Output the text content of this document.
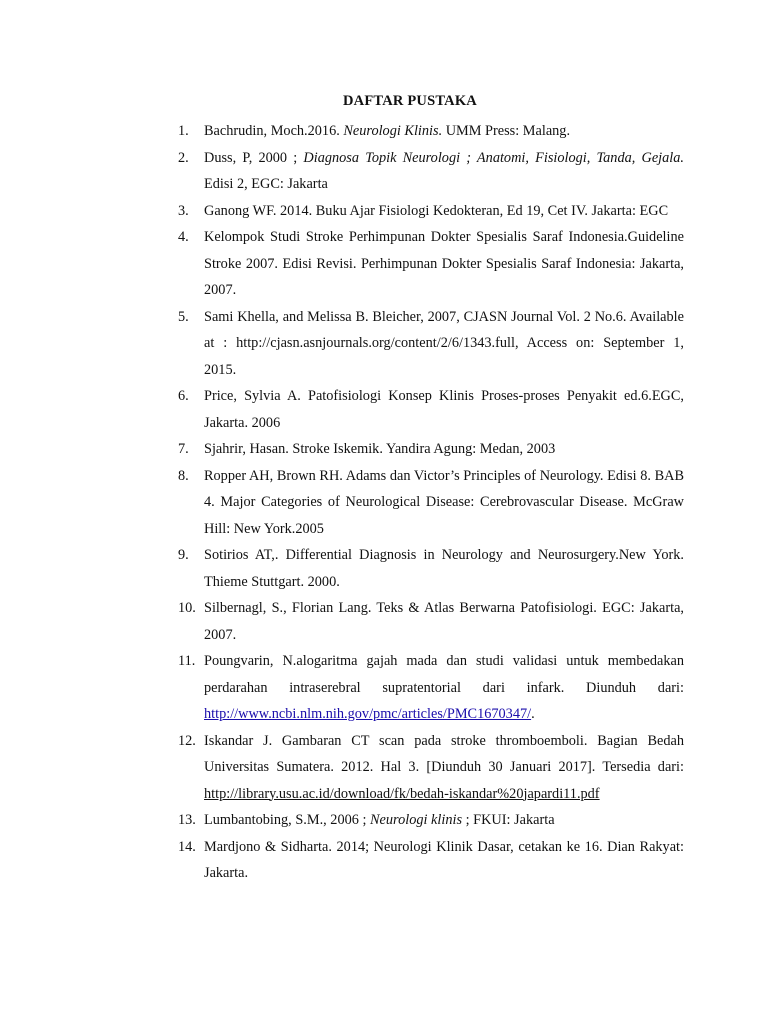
DAFTAR PUSTAKA
1. Bachrudin, Moch.2016. Neurologi Klinis. UMM Press: Malang.
2. Duss, P, 2000 ; Diagnosa Topik Neurologi ; Anatomi, Fisiologi, Tanda, Gejala. Edisi 2, EGC: Jakarta
3. Ganong WF. 2014. Buku Ajar Fisiologi Kedokteran, Ed 19, Cet IV. Jakarta: EGC
4. Kelompok Studi Stroke Perhimpunan Dokter Spesialis Saraf Indonesia.Guideline Stroke 2007. Edisi Revisi. Perhimpunan Dokter Spesialis Saraf Indonesia: Jakarta, 2007.
5. Sami Khella, and Melissa B. Bleicher, 2007, CJASN Journal Vol. 2 No.6. Available at : http://cjasn.asnjournals.org/content/2/6/1343.full, Access on: September 1, 2015.
6. Price, Sylvia A. Patofisiologi Konsep Klinis Proses-proses Penyakit ed.6.EGC, Jakarta. 2006
7. Sjahrir, Hasan. Stroke Iskemik. Yandira Agung: Medan, 2003
8. Ropper AH, Brown RH. Adams dan Victor’s Principles of Neurology. Edisi 8. BAB 4. Major Categories of Neurological Disease: Cerebrovascular Disease. McGraw Hill: New York.2005
9. Sotirios AT,. Differential Diagnosis in Neurology and Neurosurgery.New York. Thieme Stuttgart. 2000.
10. Silbernagl, S., Florian Lang. Teks & Atlas Berwarna Patofisiologi. EGC: Jakarta, 2007.
11. Poungvarin, N.alogaritma gajah mada dan studi validasi untuk membedakan perdarahan intraserebral supratentorial dari infark. Diunduh dari: http://www.ncbi.nlm.nih.gov/pmc/articles/PMC1670347/.
12. Iskandar J. Gambaran CT scan pada stroke thromboemboli. Bagian Bedah Universitas Sumatera. 2012. Hal 3. [Diunduh 30 Januari 2017]. Tersedia dari: http://library.usu.ac.id/download/fk/bedah-iskandar%20japardi11.pdf
13. Lumbantobing, S.M., 2006 ; Neurologi klinis ; FKUI: Jakarta
14. Mardjono & Sidharta. 2014; Neurologi Klinik Dasar, cetakan ke 16. Dian Rakyat: Jakarta.
